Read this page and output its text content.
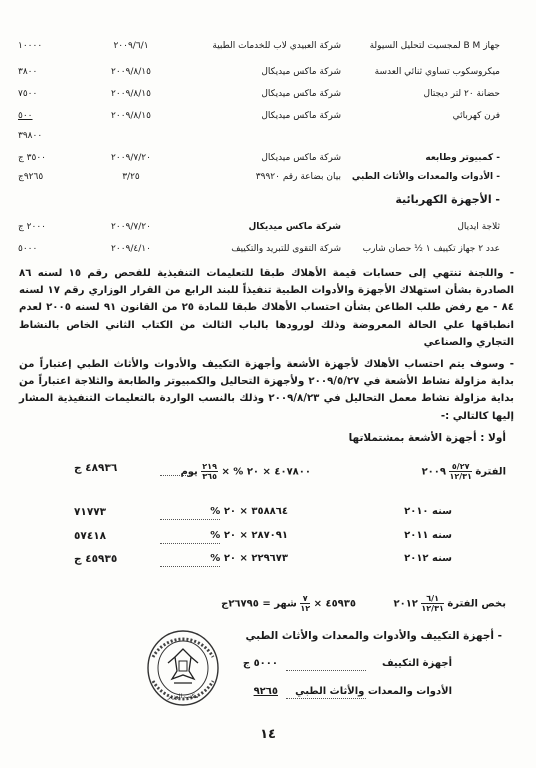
جهاز B M لمجسيت لتحليل السيولة
شركة العبيدي لاب للخدمات الطبية
٢٠٠٩/٦/١
١٠٠٠٠
ميكروسكوب تساوي ثنائي العدسة
شركة ماكس ميديكال
٢٠٠٩/٨/١٥
٣٨٠٠
حضانة ٢٠ لتر ديجتال
شركة ماكس ميديكال
٢٠٠٩/٨/١٥
٧٥٠٠
فرن كهربائي
شركة ماكس ميديكال
٢٠٠٩/٨/١٥
٥٠٠
٣٩٨٠٠
- كمبيوتر وطابعه
شركة ماكس ميديكال
٢٠٠٩/٧/٢٠
٣٥٠٠ ج
- الأدوات والمعدات والأثاث الطبي
بيان بضاعة رقم ٣٩٩٢٠
٣/٢٥
٩٢٦٥ج
- الأجهزة الكهربائية
ثلاجة ايديال
شركة ماكس ميديكال
٢٠٠٩/٧/٢٠
٢٠٠٠ ج
عدد ٢ جهاز تكييف ١ ½ حصان شارب
شركة التقوى للتبريد والتكييف
٢٠٠٩/٤/١٠
٥٠٠٠
- واللجنة تنتهي إلى حسابات قيمة الأهلاك طبقا للتعليمات التنفيذية للفحص رقم ١٥ لسنه ٨٦ الصادرة بشأن استهلاك الأجهزة والأدوات الطبية تنفيذاً للبند الرابع من القرار الوزاري رقم ١٧ لسنه ٨٤ - مع رفض طلب الطاعن بشأن احتساب الأهلاك طبقا للمادة ٢٥ من القانون ٩١ لسنه ٢٠٠٥ لعدم انطباقها علي الحالة المعروضة وذلك لورودها بالباب الثالث من الكتاب الثاني الخاص بالنشاط التجاري والصناعي
- وسوف يتم احتساب الأهلاك لأجهزة الأشعة وأجهزة التكييف والأدوات والأثاث الطبي إعتباراً من بداية مزاولة نشاط الأشعة في ٢٠٠٩/٥/٢٧ ولأجهزة التحاليل والكمبيوتر والطابعة والثلاجة اعتباراً من بداية مزاولة نشاط معمل التحاليل في ٢٠٠٩/٨/٢٣ وذلك بالنسب الواردة بالتعليمات التنفيذية المشار إليها كالتالي :-
أولا : أجهزة الأشعة بمشتملاتها
الفترة
$\frac{٥/٢٧}{١٢/٣١}$
٢٠٠٩
٤٠٧٨٠٠ × ٢٠ % ×
$\frac{٢١٩}{٣٦٥}$
يوم
٤٨٩٣٦ ج
سنه ٢٠١٠
٣٥٨٨٦٤ × ٢٠ %
٧١٧٧٣
سنه ٢٠١١
٢٨٧٠٩١ × ٢٠ %
٥٧٤١٨
سنه ٢٠١٢
٢٢٩٦٧٣ × ٢٠ %
٤٥٩٣٥ ج
بخص الفترة
$\frac{٦/١}{١٢/٣١}$
٢٠١٢
٤٥٩٣٥ ×
$\frac{٧}{١٢}$
شهر = ٢٦٧٩٥ج
- أجهزة التكييف والأدوات والمعدات والأثاث الطبي
أجهزة التكييف
٥٠٠٠ ج
الأدوات والمعدات والأثاث الطبي
٩٢٦٥
مكتب الوزير
١٤
